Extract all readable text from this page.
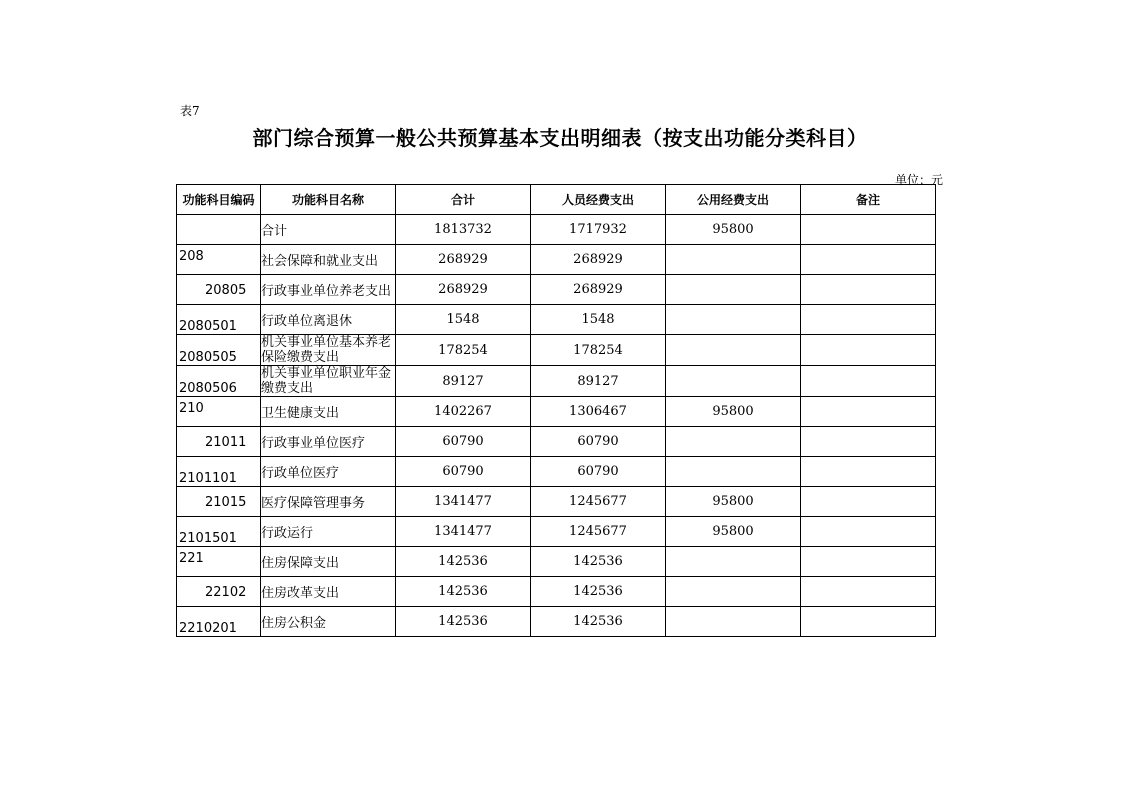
表7
部门综合预算一般公共预算基本支出明细表（按支出功能分类科目）
单位：元
功能科目编码	功能科目名称	合计	人员经费支出	公用经费支出	备注

	合计	1813732	1717932	95800	

208	社会保障和就业支出	268929	268929		

20805	行政事业单位养老支出	268929	268929		

2080501	行政单位离退休	1548	1548		

2080505	机关事业单位基本养老保险缴费支出	178254	178254		

2080506	机关事业单位职业年金缴费支出	89127	89127		

210	卫生健康支出	1402267	1306467	95800	

21011	行政事业单位医疗	60790	60790		

2101101	行政单位医疗	60790	60790		

21015	医疗保障管理事务	1341477	1245677	95800	

2101501	行政运行	1341477	1245677	95800	

221	住房保障支出	142536	142536		

22102	住房改革支出	142536	142536		

2210201	住房公积金	142536	142536		
